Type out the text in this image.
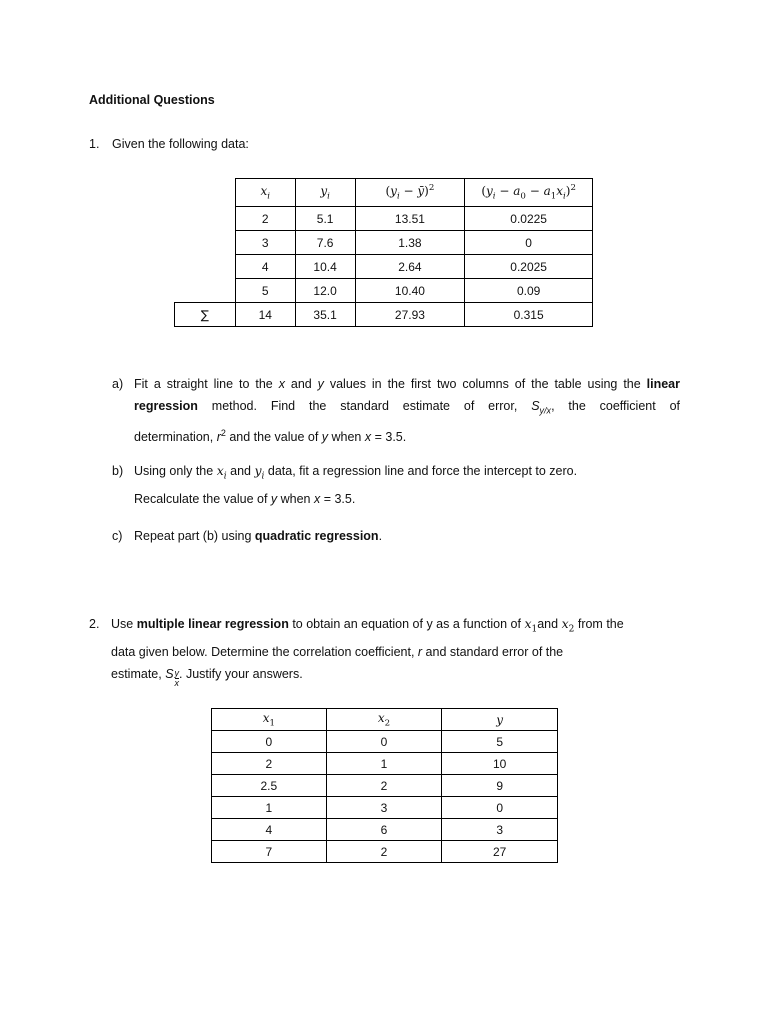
Additional Questions
1. Given the following data:
	$x_i$	$y_i$	($y_i$ − ȳ)$^2$	$(y_i - a_0 - a_1x_i)^2$
	2	5.1	13.51	0.0225
	3	7.6	1.38	0
	4	10.4	2.64	0.2025
	5	12.0	10.40	0.09
∑	14	35.1	27.93	0.315
a) Fit a straight line to the x and y values in the first two columns of the table using the linear
regression method. Find the standard estimate of error, $S_{y/x}$, the coefficient of
determination, $r^2$ and the value of y when x = 3.5.
b) Using only the $x_i$ and $y_i$ data, fit a regression line and force the intercept to zero.
Recalculate the value of y when x = 3.5.
c) Repeat part (b) using quadratic regression.
2. Use multiple linear regression to obtain an equation of y as a function of $x_1and$ $x_2$ from the
data given below. Determine the correlation coefficient, r and standard error of the
estimate, S $\frac{y}{x}$ . Justify your answers.
$x_1$	$x_2$	y
0	0	5
2	1	10
2.5	2	9
1	3	0
4	6	3
7	2	27
